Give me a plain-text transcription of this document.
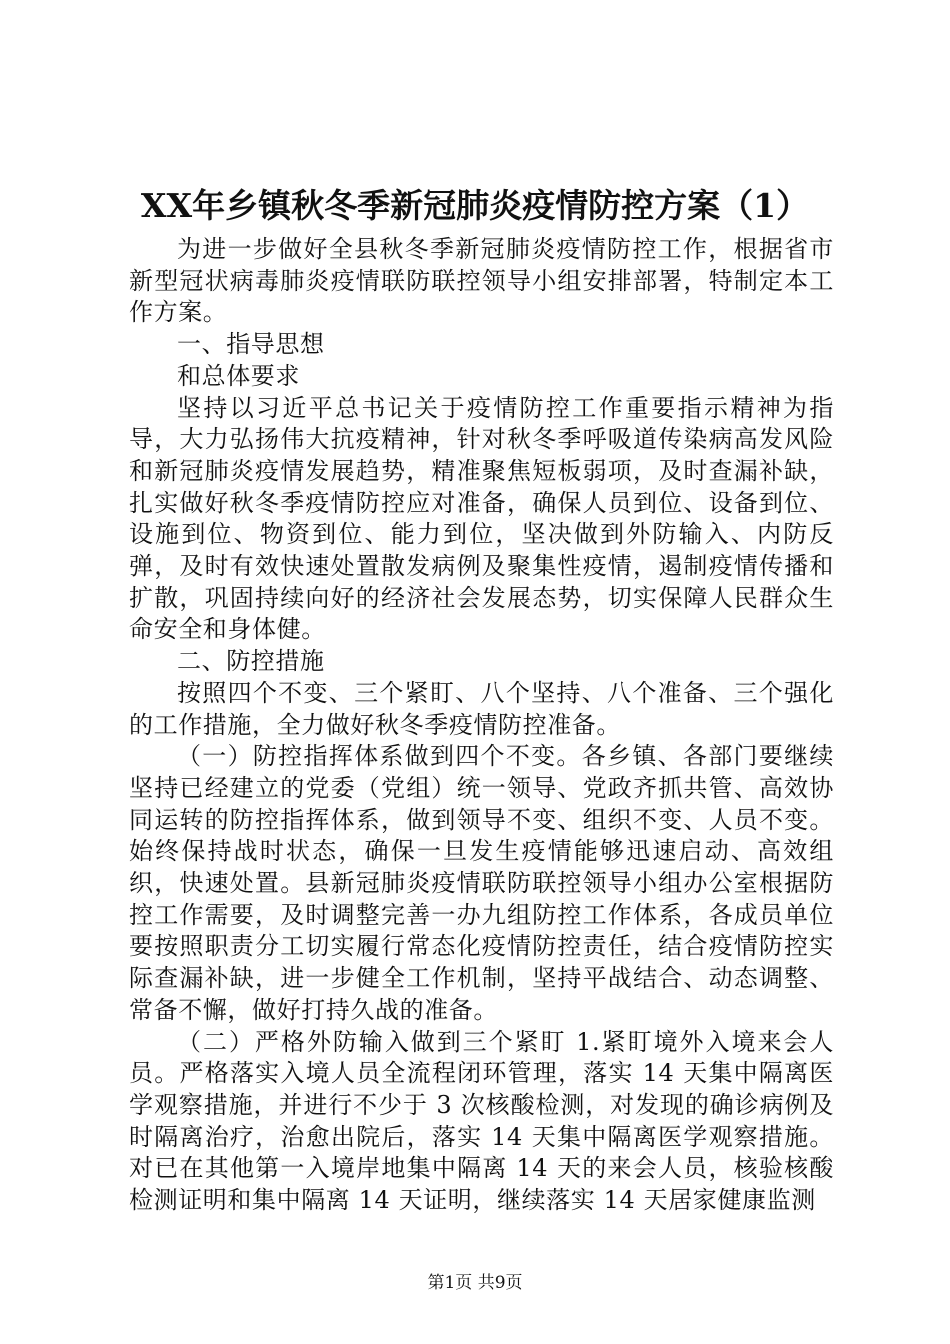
XX年乡镇秋冬季新冠肺炎疫情防控方案（1）

为进一步做好全县秋冬季新冠肺炎疫情防控工作，根据省市新型冠状病毒肺炎疫情联防联控领导小组安排部署，特制定本工作方案。

一、指导思想

和总体要求

坚持以习近平总书记关于疫情防控工作重要指示精神为指导，大力弘扬伟大抗疫精神，针对秋冬季呼吸道传染病高发风险和新冠肺炎疫情发展趋势，精准聚焦短板弱项，及时查漏补缺，扎实做好秋冬季疫情防控应对准备，确保人员到位、设备到位、设施到位、物资到位、能力到位，坚决做到外防输入、内防反弹，及时有效快速处置散发病例及聚集性疫情，遏制疫情传播和扩散，巩固持续向好的经济社会发展态势，切实保障人民群众生命安全和身体健。

二、防控措施

按照四个不变、三个紧盯、八个坚持、八个准备、三个强化的工作措施，全力做好秋冬季疫情防控准备。

（一）防控指挥体系做到四个不变。各乡镇、各部门要继续坚持已经建立的党委（党组）统一领导、党政齐抓共管、高效协同运转的防控指挥体系，做到领导不变、组织不变、人员不变。始终保持战时状态，确保一旦发生疫情能够迅速启动、高效组织，快速处置。县新冠肺炎疫情联防联控领导小组办公室根据防控工作需要，及时调整完善一办九组防控工作体系，各成员单位要按照职责分工切实履行常态化疫情防控责任，结合疫情防控实际查漏补缺，进一步健全工作机制，坚持平战结合、动态调整、常备不懈，做好打持久战的准备。

（二）严格外防输入做到三个紧盯 1.紧盯境外入境来会人员。严格落实入境人员全流程闭环管理，落实 14 天集中隔离医学观察措施，并进行不少于 3 次核酸检测，对发现的确诊病例及时隔离治疗，治愈出院后，落实 14 天集中隔离医学观察措施。对已在其他第一入境岸地集中隔离 14 天的来会人员，核验核酸检测证明和集中隔离 14 天证明，继续落实 14 天居家健康监测

第1页 共9页
